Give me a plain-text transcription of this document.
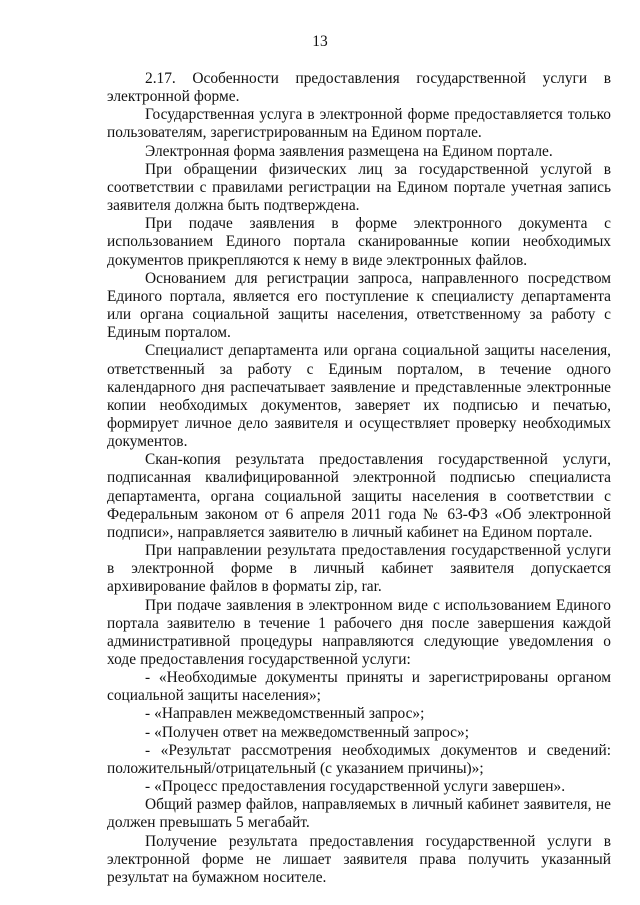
13

2.17. Особенности предоставления государственной услуги в электронной форме.

Государственная услуга в электронной форме предоставляется только пользователям, зарегистрированным на Едином портале.

Электронная форма заявления размещена на Едином портале.

При обращении физических лиц за государственной услугой в соответствии с правилами регистрации на Едином портале учетная запись заявителя должна быть подтверждена.

При подаче заявления в форме электронного документа с использованием Единого портала сканированные копии необходимых документов прикрепляются к нему в виде электронных файлов.

Основанием для регистрации запроса, направленного посредством Единого портала, является его поступление к специалисту департамента или органа социальной защиты населения, ответственному за работу с Единым порталом.

Специалист департамента или органа социальной защиты населения, ответственный за работу с Единым порталом, в течение одного календарного дня распечатывает заявление и представленные электронные копии необходимых документов, заверяет их подписью и печатью, формирует личное дело заявителя и осуществляет проверку необходимых документов.

Скан-копия результата предоставления государственной услуги, подписанная квалифицированной электронной подписью специалиста департамента, органа социальной защиты населения в соответствии с Федеральным законом от 6 апреля 2011 года № 63-ФЗ «Об электронной подписи», направляется заявителю в личный кабинет на Едином портале.

При направлении результата предоставления государственной услуги в электронной форме в личный кабинет заявителя допускается архивирование файлов в форматы zip, rar.

При подаче заявления в электронном виде с использованием Единого портала заявителю в течение 1 рабочего дня после завершения каждой административной процедуры направляются следующие уведомления о ходе предоставления государственной услуги:

- «Необходимые документы приняты и зарегистрированы органом социальной защиты населения»;

- «Направлен межведомственный запрос»;

- «Получен ответ на межведомственный запрос»;

- «Результат рассмотрения необходимых документов и сведений: положительный/отрицательный (с указанием причины)»;

- «Процесс предоставления государственной услуги завершен».

Общий размер файлов, направляемых в личный кабинет заявителя, не должен превышать 5 мегабайт.

Получение результата предоставления государственной услуги в электронной форме не лишает заявителя права получить указанный результат на бумажном носителе.
